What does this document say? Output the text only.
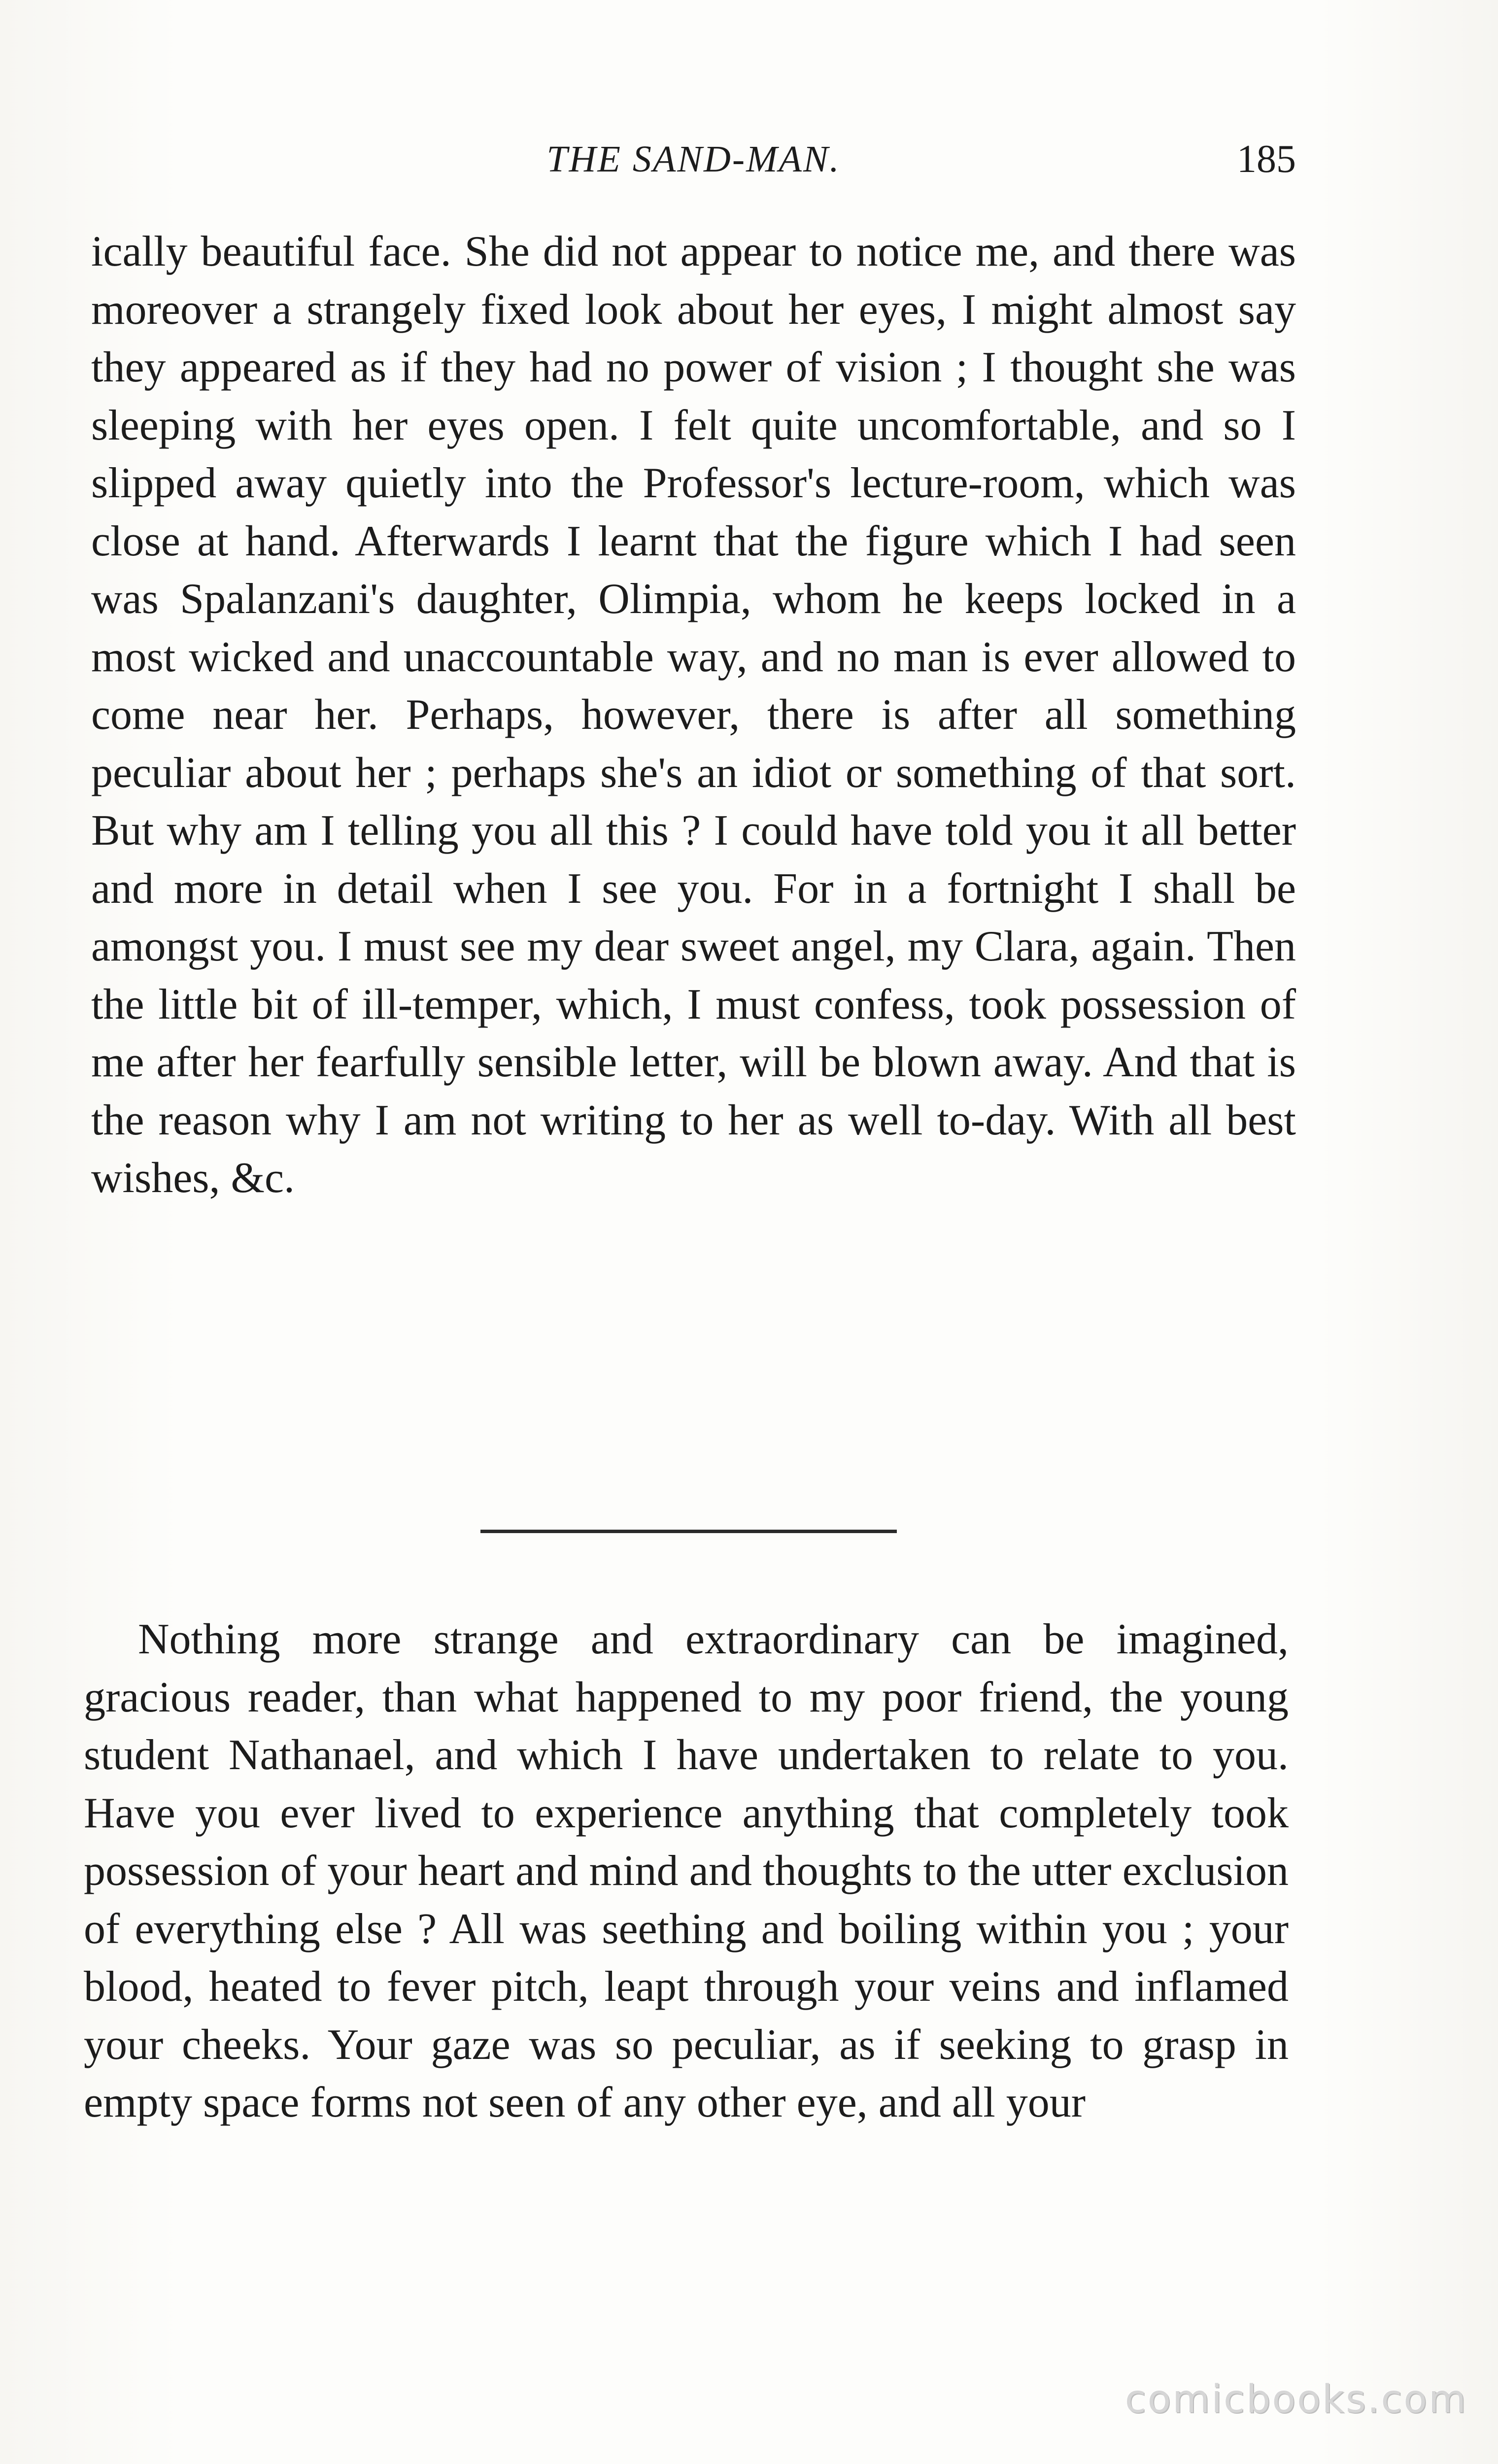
THE SAND-MAN.	185

ically beautiful face. She did not appear to notice me, and there was moreover a strangely fixed look about her eyes, I might almost say they appeared as if they had no power of vision ; I thought she was sleeping with her eyes open. I felt quite uncomfortable, and so I slipped away quietly into the Professor's lecture-room, which was close at hand. Afterwards I learnt that the figure which I had seen was Spalanzani's daughter, Olimpia, whom he keeps locked in a most wicked and unaccountable way, and no man is ever allowed to come near her. Perhaps, however, there is after all something peculiar about her ; perhaps she's an idiot or something of that sort. But why am I telling you all this ? I could have told you it all better and more in detail when I see you. For in a fortnight I shall be amongst you. I must see my dear sweet angel, my Clara, again. Then the little bit of ill-temper, which, I must confess, took possession of me after her fearfully sensible letter, will be blown away. And that is the reason why I am not writing to her as well to-day. With all best wishes, &c.

Nothing more strange and extraordinary can be imagined, gracious reader, than what happened to my poor friend, the young student Nathanael, and which I have undertaken to relate to you. Have you ever lived to experience anything that completely took possession of your heart and mind and thoughts to the utter exclusion of everything else ? All was seething and boiling within you ; your blood, heated to fever pitch, leapt through your veins and inflamed your cheeks. Your gaze was so peculiar, as if seeking to grasp in empty space forms not seen of any other eye, and all your

comicbooks.com
